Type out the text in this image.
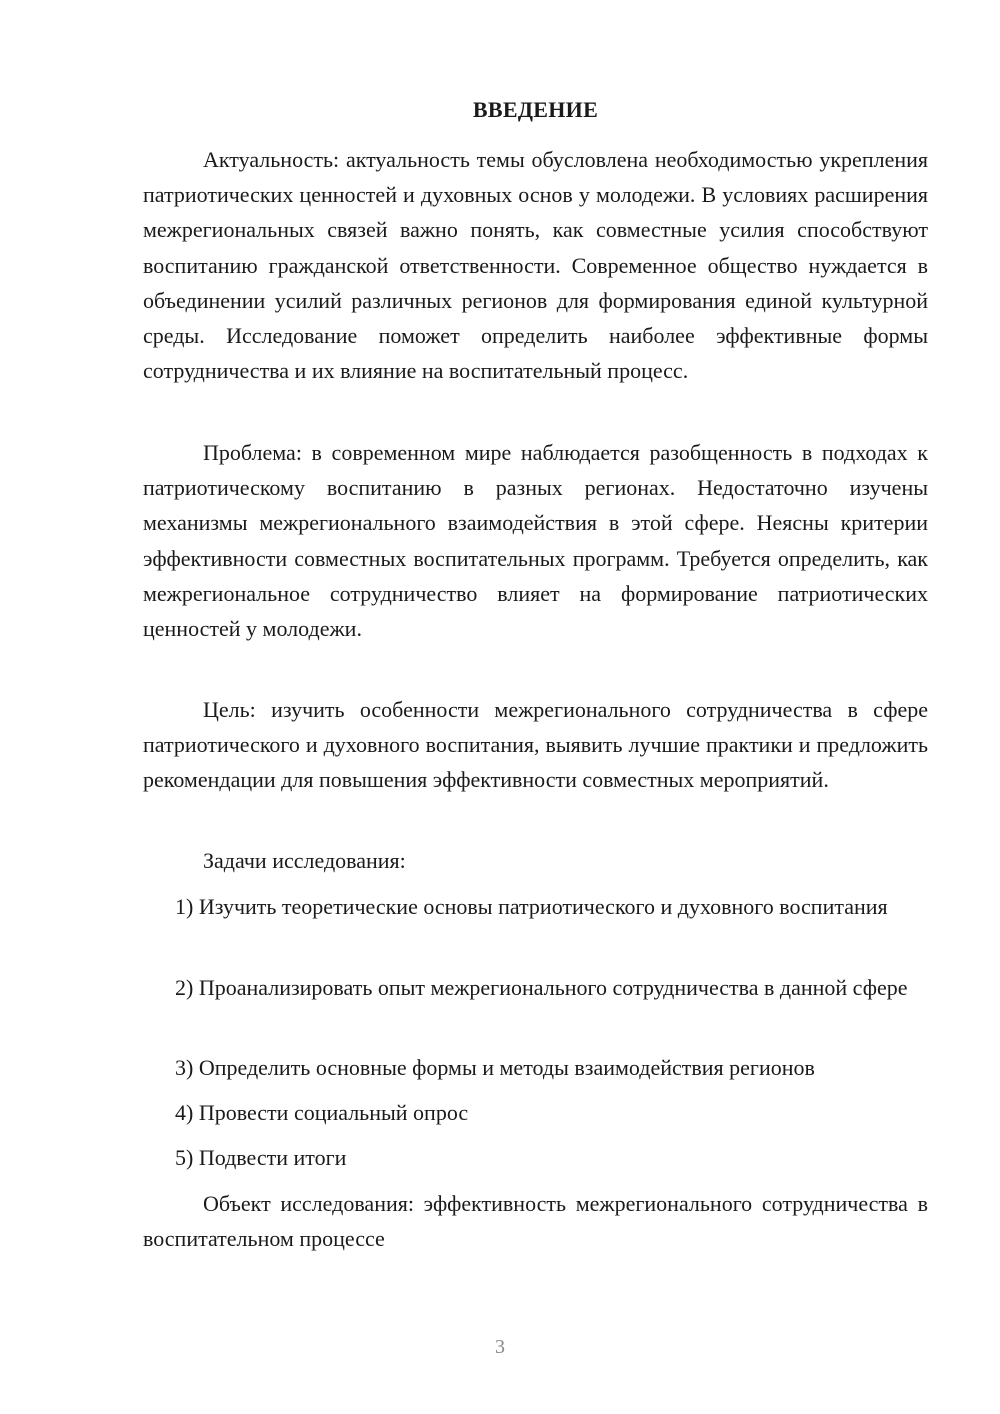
ВВЕДЕНИЕ

Актуальность: актуальность темы обусловлена необходимостью укрепления патриотических ценностей и духовных основ у молодежи. В условиях расширения межрегиональных связей важно понять, как совместные усилия способствуют воспитанию гражданской ответственности. Современное общество нуждается в объединении усилий различных регионов для формирования единой культурной среды. Исследование поможет определить наиболее эффективные формы сотрудничества и их влияние на воспитательный процесс.

Проблема: в современном мире наблюдается разобщенность в подходах к патриотическому воспитанию в разных регионах. Недостаточно изучены механизмы межрегионального взаимодействия в этой сфере. Неясны критерии эффективности совместных воспитательных программ. Требуется определить, как межрегиональное сотрудничество влияет на формирование патриотических ценностей у молодежи.

Цель: изучить особенности межрегионального сотрудничества в сфере патриотического и духовного воспитания, выявить лучшие практики и предложить рекомендации для повышения эффективности совместных мероприятий.

Задачи исследования:

1) Изучить теоретические основы патриотического и духовного воспитания

2) Проанализировать опыт межрегионального сотрудничества в данной сфере

3) Определить основные формы и методы взаимодействия регионов

4) Провести социальный опрос

5) Подвести итоги

Объект исследования: эффективность межрегионального сотрудничества в воспитательном процессе

3
